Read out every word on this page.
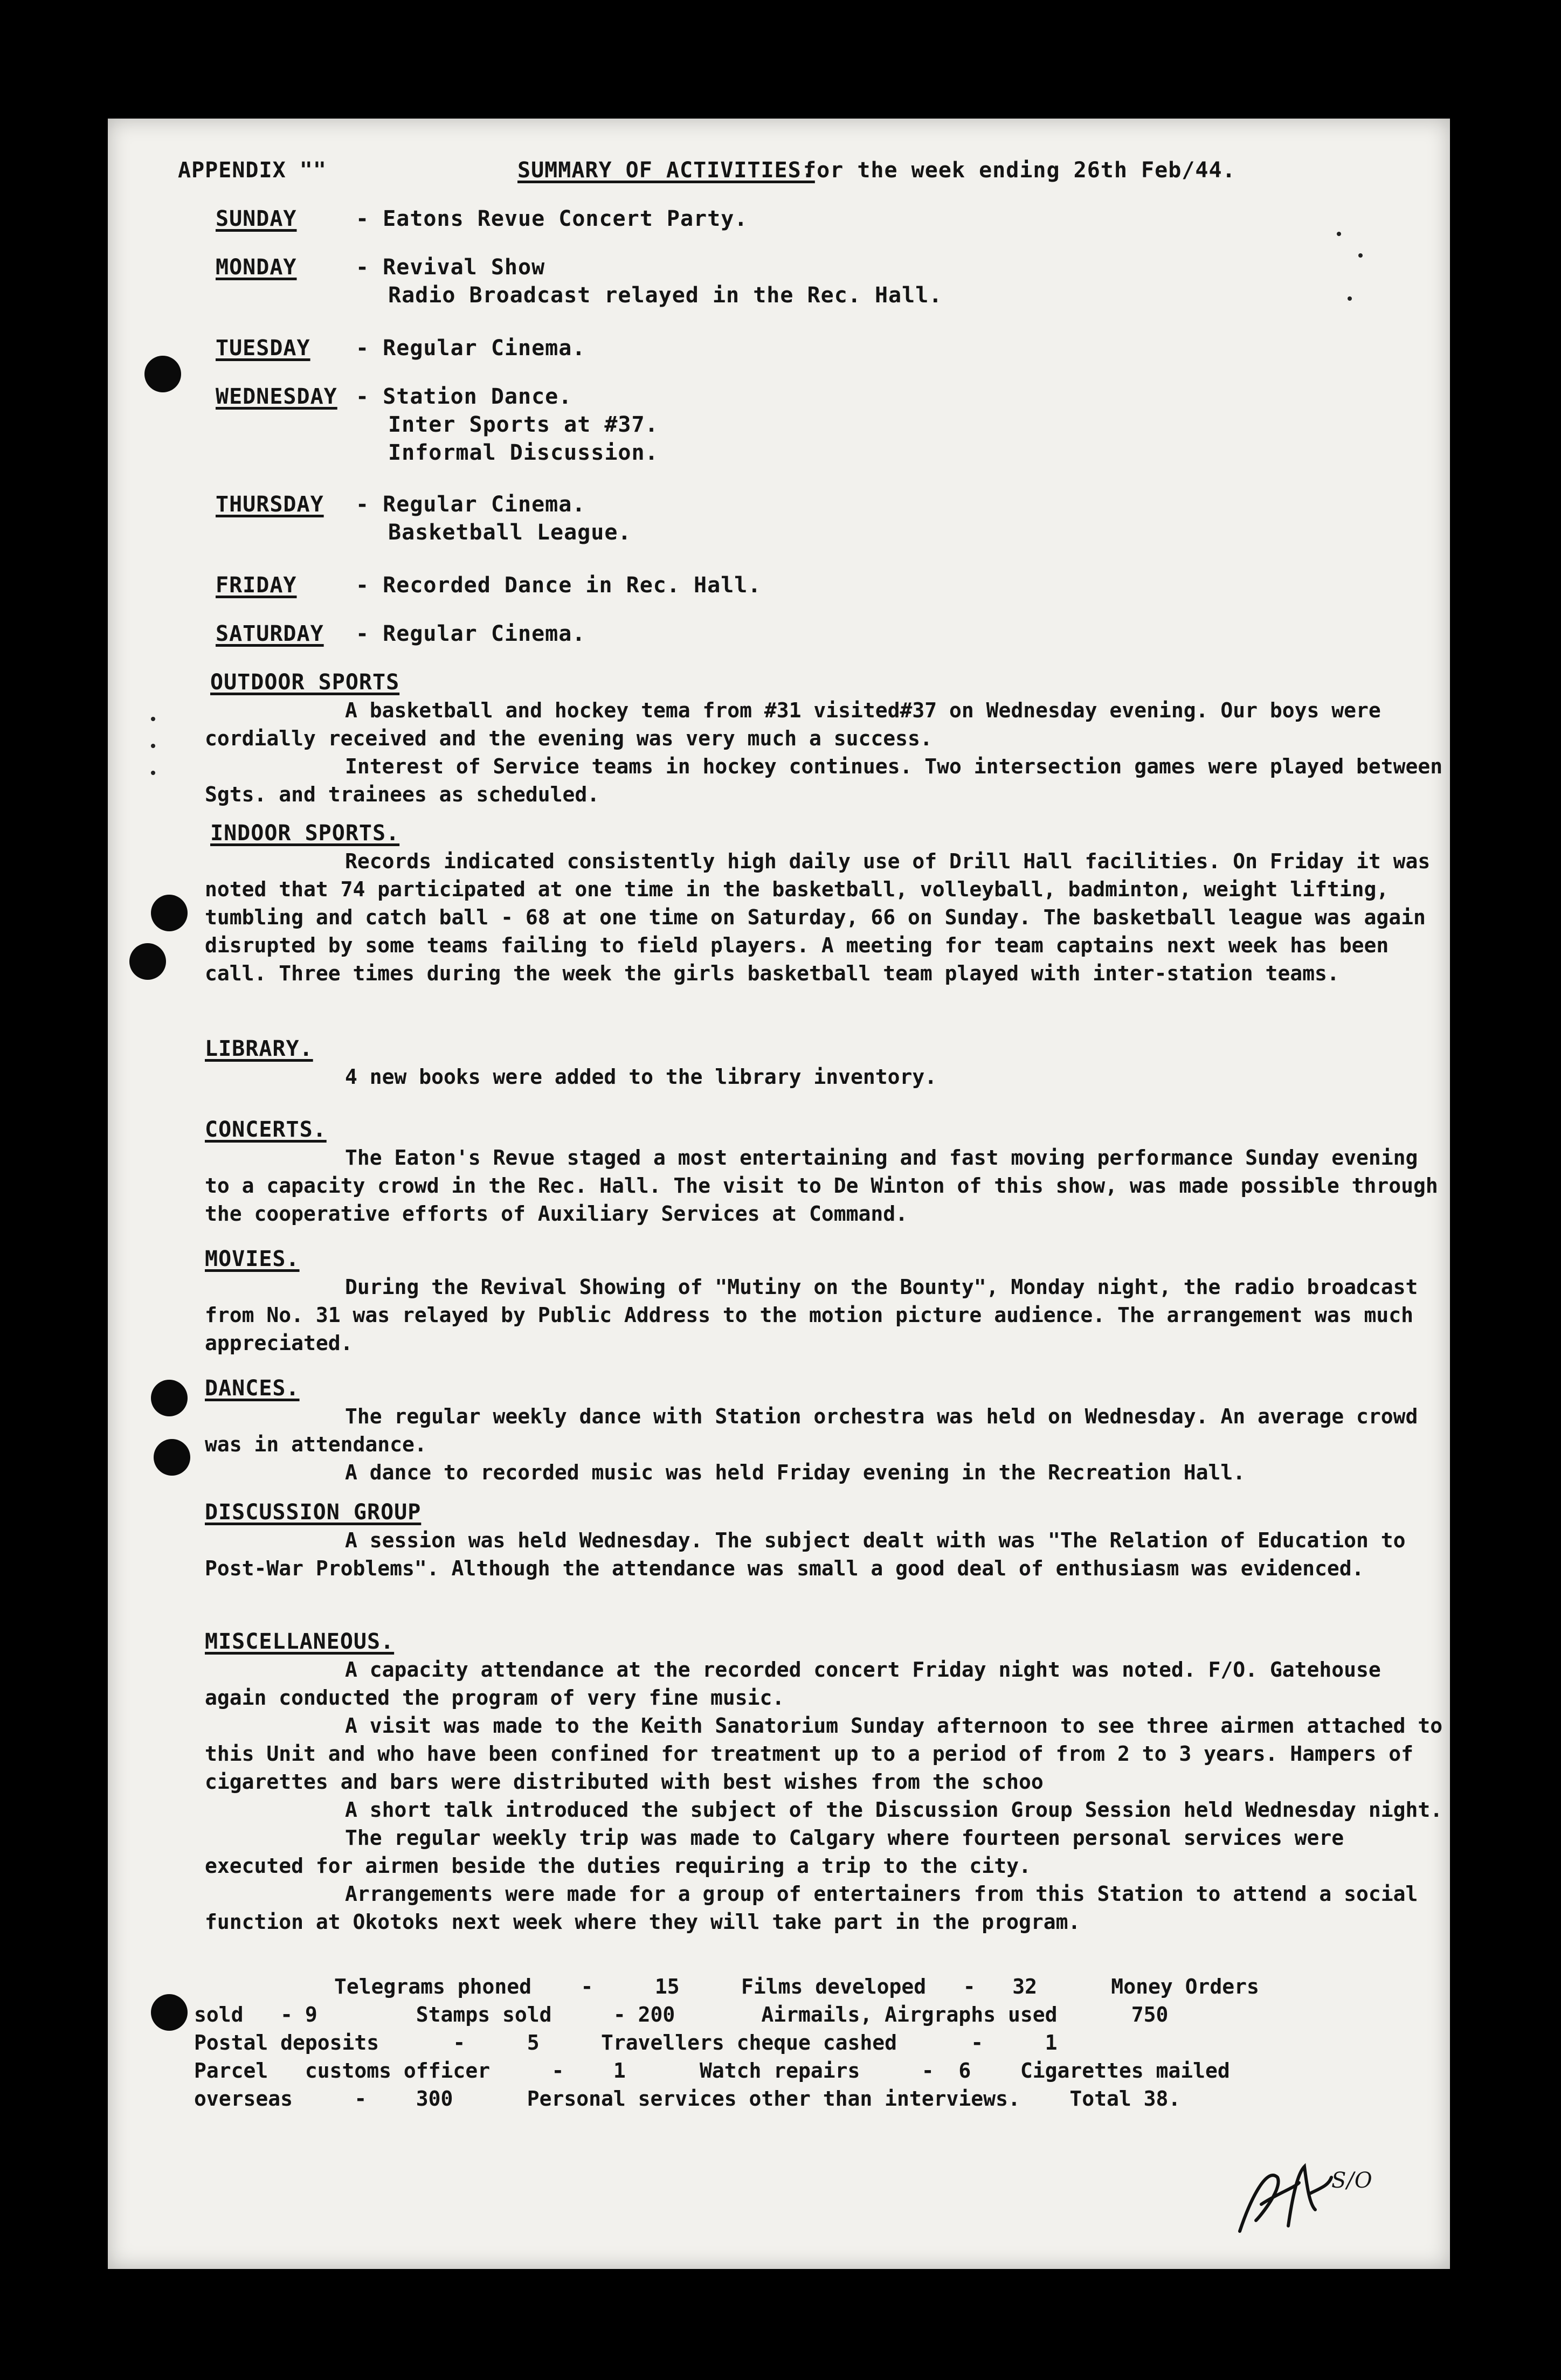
APPENDIX ""	SUMMARY OF ACTIVITIES.
for the week ending 26th Feb/44.
SUNDAY	- Eatons Revue Concert Party.
MONDAY	- Revival Show
Radio Broadcast relayed in the Rec. Hall.
TUESDAY - Regular Cinema.
WEDNESDAY - Station Dance.
Inter Sports at #37.
Informal Discussion.
THURSDAY - Regular Cinema.
Basketball League.
FRIDAY	- Recorded Dance in Rec. Hall.
SATURDAY - Regular Cinema.
OUTDOOR SPORTS
A basketball and hockey tema from #31 visited#37 on Wednesday evening. Our boys were cordially received and the evening was very much a success.
Interest of Service teams in hockey continues. Two intersection games were played between Sgts. and trainees as scheduled.
INDOOR SPORTS.
Records indicated consistently high daily use of Drill Hall facilities. On Friday it was noted that 74 participated at one time in the basketball, volleyball, badminton, weight lifting, tumbling and catch ball - 68 at one time on Saturday, 66 on Sunday. The basketball league was again disrupted by some teams failing to field players. A meeting for team captains next week has been call. Three times during the week the girls basketball team played with inter-station teams.
LIBRARY.
4 new books were added to the library inventory.
CONCERTS.
The Eaton's Revue staged a most entertaining and fast moving performance Sunday evening to a capacity crowd in the Rec. Hall. The visit to De Winton of this show, was made possible through the cooperative efforts of Auxiliary Services at Command.
MOVIES.
During the Revival Showing of "Mutiny on the Bounty", Monday night, the radio broadcast from No. 31 was relayed by Public Address to the motion picture audience. The arrangement was much appreciated.
DANCES.
The regular weekly dance with Station orchestra was held on Wednesday. An average crowd was in attendance.
A dance to recorded music was held Friday evening in the Recreation Hall.
DISCUSSION GROUP
A session was held Wednesday. The subject dealt with was "The Relation of Education to Post-War Problems". Although the attendance was small a good deal of enthusiasm was evidenced.
MISCELLANEOUS.
A capacity attendance at the recorded concert Friday night was noted. F/O. Gatehouse again conducted the program of very fine music.
A visit was made to the Keith Sanatorium Sunday afternoon to see three airmen attached to this Unit and who have been confined for treatment up to a period of from 2 to 3 years. Hampers of cigarettes and bars were distributed with best wishes from the schoo
A short talk introduced the subject of the Discussion Group Session held Wednesday night.
The regular weekly trip was made to Calgary where fourteen personal services were executed for airmen beside the duties requiring a trip to the city.
Arrangements were made for a group of entertainers from this Station to attend a social function at Okotoks next week where they will take part in the program.
Telegrams phoned    -     15     Films developed   -   32      Money Orders
sold   - 9        Stamps sold     - 200       Airmails, Airgraphs used      750
Postal deposits      -     5     Travellers cheque cashed      -     1
Parcel   customs officer     -    1      Watch repairs     -  6    Cigarettes mailed
overseas     -    300      Personal services other than interviews.    Total 38.
S/O
